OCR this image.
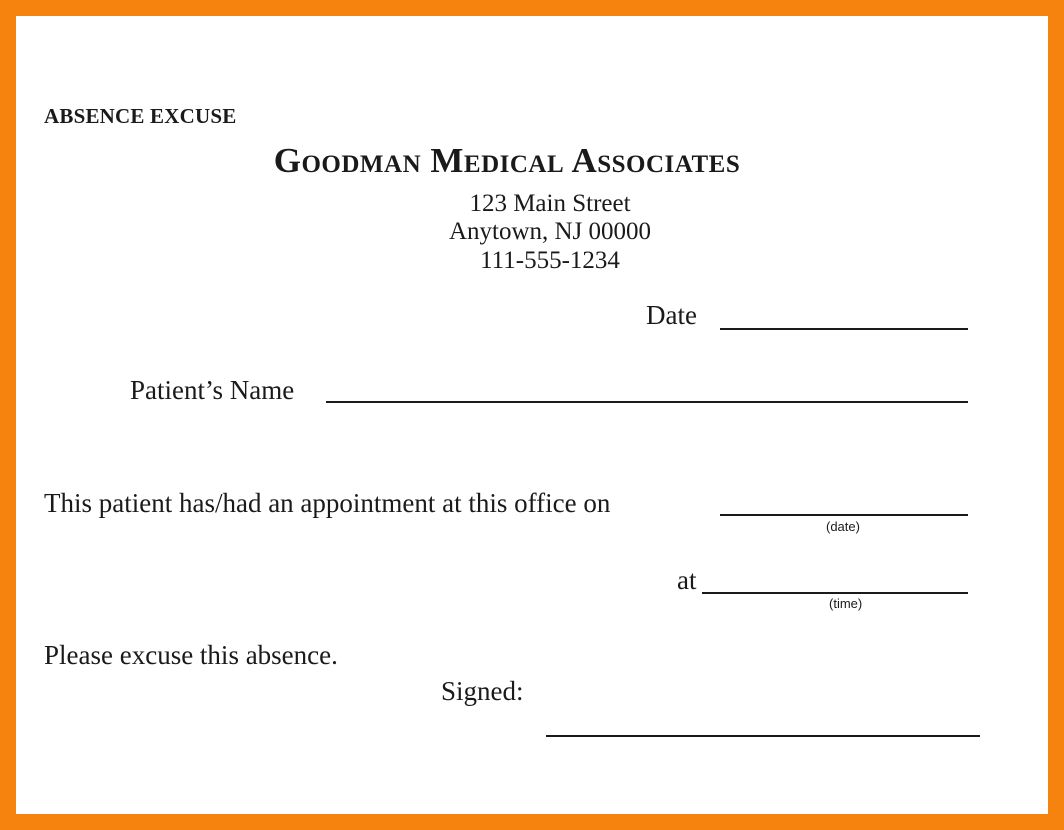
ABSENCE EXCUSE
Goodman Medical Associates
123 Main Street
Anytown, NJ 00000
111-555-1234
Date
Patient’s Name
This patient has/had an appointment at this office on
(date)
at
(time)
Please excuse this absence.
Signed:
